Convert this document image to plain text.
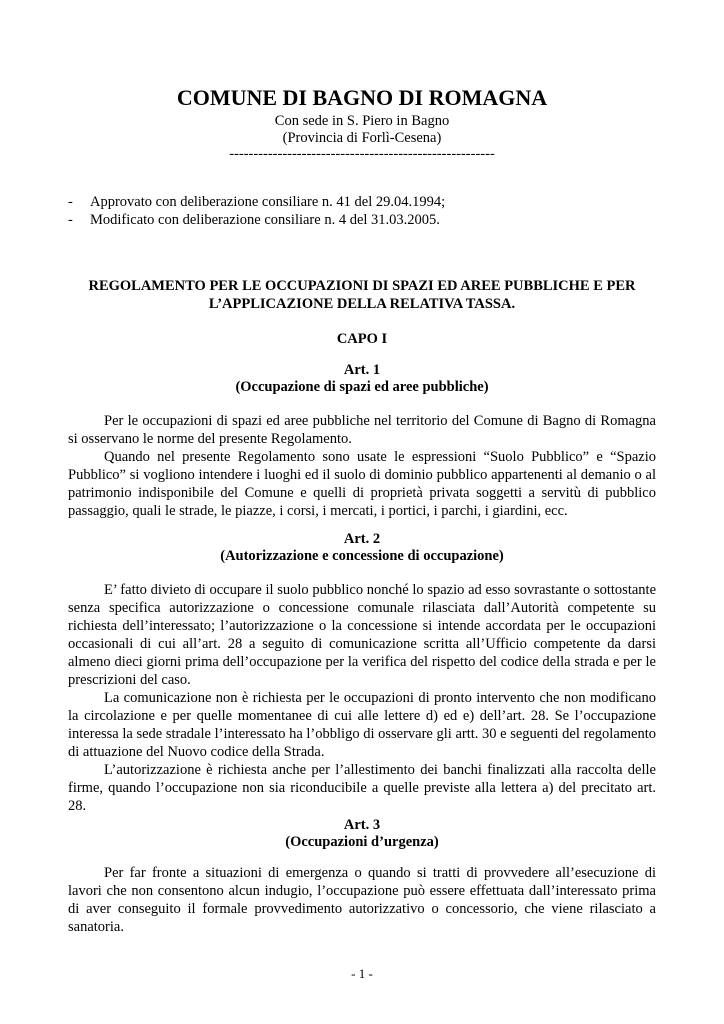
COMUNE DI BAGNO DI ROMAGNA
Con sede in S. Piero in Bagno
(Provincia di Forlì-Cesena)
-------------------------------------------------------
-	Approvato con deliberazione consiliare n. 41 del 29.04.1994;
-	Modificato con deliberazione consiliare n. 4 del 31.03.2005.
REGOLAMENTO PER LE OCCUPAZIONI DI SPAZI ED AREE PUBBLICHE E PER L’APPLICAZIONE DELLA RELATIVA TASSA.
CAPO I
Art. 1
(Occupazione di spazi ed aree pubbliche)

Per le occupazioni di spazi ed aree pubbliche nel territorio del Comune di Bagno di Romagna si osservano le norme del presente Regolamento.

Quando nel presente Regolamento sono usate le espressioni “Suolo Pubblico” e “Spazio Pubblico” si vogliono intendere i luoghi ed il suolo di dominio pubblico appartenenti al demanio o al patrimonio indisponibile del Comune e quelli di proprietà privata soggetti a servitù di pubblico passaggio, quali le strade, le piazze, i corsi, i mercati, i portici, i parchi, i giardini, ecc.

Art. 2
(Autorizzazione e concessione di occupazione)

E’ fatto divieto di occupare il suolo pubblico nonché lo spazio ad esso sovrastante o sottostante senza specifica autorizzazione o concessione comunale rilasciata dall’Autorità competente su richiesta dell’interessato; l’autorizzazione o la concessione si intende accordata per le occupazioni occasionali di cui all’art. 28 a seguito di comunicazione scritta all’Ufficio competente da darsi almeno dieci giorni prima dell’occupazione per la verifica del rispetto del codice della strada e per le prescrizioni del caso.

La comunicazione non è richiesta per le occupazioni di pronto intervento che non modificano la circolazione e per quelle momentanee di cui alle lettere d) ed e) dell’art. 28. Se l’occupazione interessa la sede stradale l’interessato ha l’obbligo di osservare gli artt. 30 e seguenti del regolamento di attuazione del Nuovo codice della Strada.

L’autorizzazione è richiesta anche per l’allestimento dei banchi finalizzati alla raccolta delle firme, quando l’occupazione non sia riconducibile a quelle previste alla lettera a) del precitato art. 28.

Art. 3
(Occupazioni d’urgenza)

Per far fronte a situazioni di emergenza o quando si tratti di provvedere all’esecuzione di lavori che non consentono alcun indugio, l’occupazione può essere effettuata dall’interessato prima di aver conseguito il formale provvedimento autorizzativo o concessorio, che viene rilasciato a sanatoria.

- 1 -
